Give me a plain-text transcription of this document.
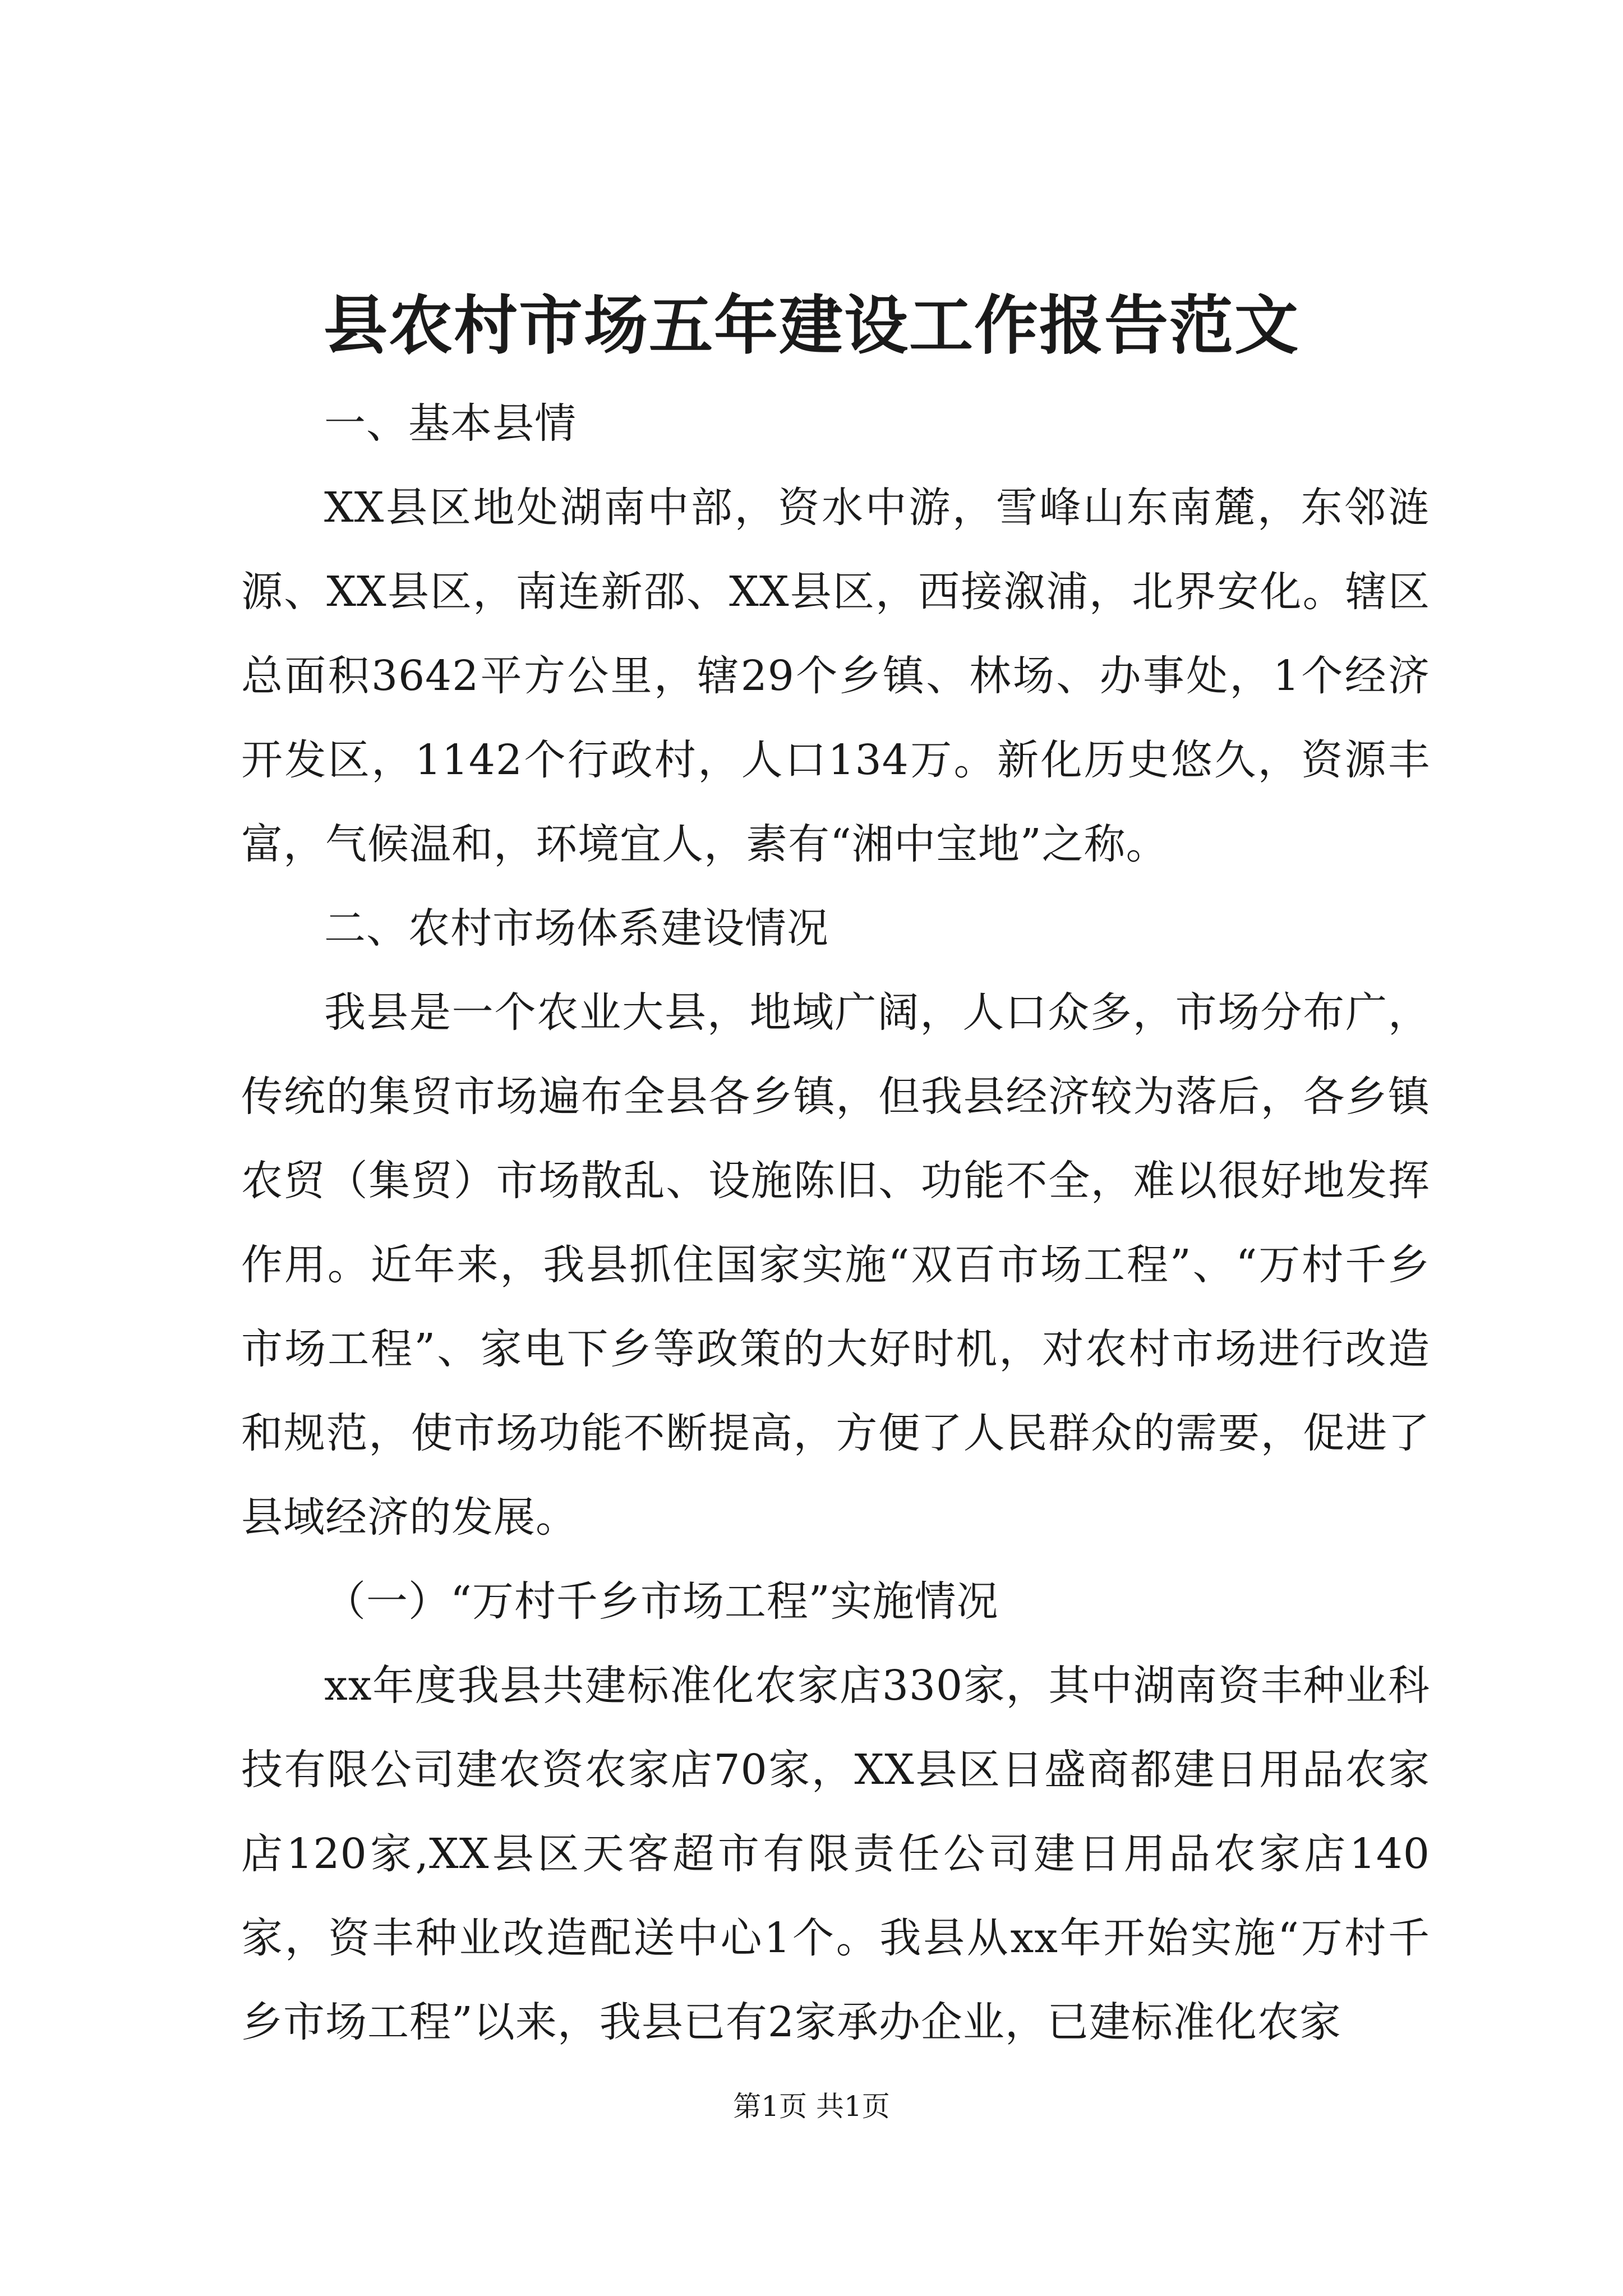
县农村市场五年建设工作报告范文

一、基本县情

XX县区地处湖南中部，资水中游，雪峰山东南麓，东邻涟源、XX县区，南连新邵、XX县区，西接溆浦，北界安化。辖区总面积3642平方公里，辖29个乡镇、林场、办事处，1个经济开发区，1142个行政村，人口134万。新化历史悠久，资源丰富，气候温和，环境宜人，素有“湘中宝地”之称。

二、农村市场体系建设情况

我县是一个农业大县，地域广阔，人口众多，市场分布广，传统的集贸市场遍布全县各乡镇，但我县经济较为落后，各乡镇农贸（集贸）市场散乱、设施陈旧、功能不全，难以很好地发挥作用。近年来，我县抓住国家实施“双百市场工程”、“万村千乡市场工程”、家电下乡等政策的大好时机，对农村市场进行改造和规范，使市场功能不断提高，方便了人民群众的需要，促进了县域经济的发展。

（一）“万村千乡市场工程”实施情况

xx年度我县共建标准化农家店330家，其中湖南资丰种业科技有限公司建农资农家店70家，XX县区日盛商都建日用品农家店120家,XX县区天客超市有限责任公司建日用品农家店140家，资丰种业改造配送中心1个。我县从xx年开始实施“万村千乡市场工程”以来，我县已有2家承办企业，已建标准化农家

第1页 共1页
